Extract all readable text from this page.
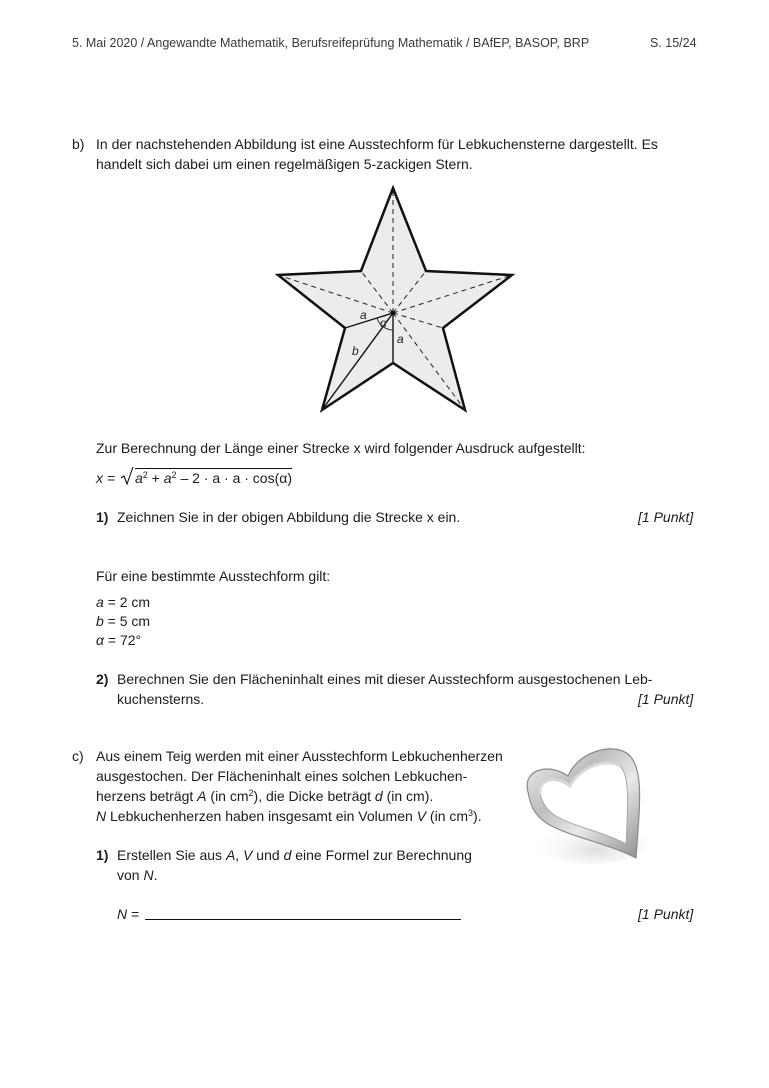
5. Mai 2020 / Angewandte Mathematik, Berufsreifeprüfung Mathematik / BAfEP, BASOP, BRP	S. 15/24
b) In der nachstehenden Abbildung ist eine Ausstechform für Lebkuchensterne dargestellt. Es
handelt sich dabei um einen regelmäßigen 5-zackigen Stern.
a
α
a
b
Zur Berechnung der Länge einer Strecke x wird folgender Ausdruck aufgestellt:
$x = a^2 + a^2 - 2 \cdot a \cdot a \cdot \cos(\alpha)$
1) Zeichnen Sie in der obigen Abbildung die Strecke x ein.	[1 Punkt]
Für eine bestimmte Ausstechform gilt:
a = 2 cm
b = 5 cm
α = 72°
2) Berechnen Sie den Flächeninhalt eines mit dieser Ausstechform ausgestochenen Leb-
kuchensterns.	[1 Punkt]
c) Aus einem Teig werden mit einer Ausstechform Lebkuchenherzen
ausgestochen. Der Flächeninhalt eines solchen Lebkuchen-
herzens beträgt A (in $cm^2$), die Dicke beträgt d (in cm).
N Lebkuchenherzen haben insgesamt ein Volumen V (in $cm^3$).
1) Erstellen Sie aus A, V und d eine Formel zur Berechnung
von N.
N =	[1 Punkt]
